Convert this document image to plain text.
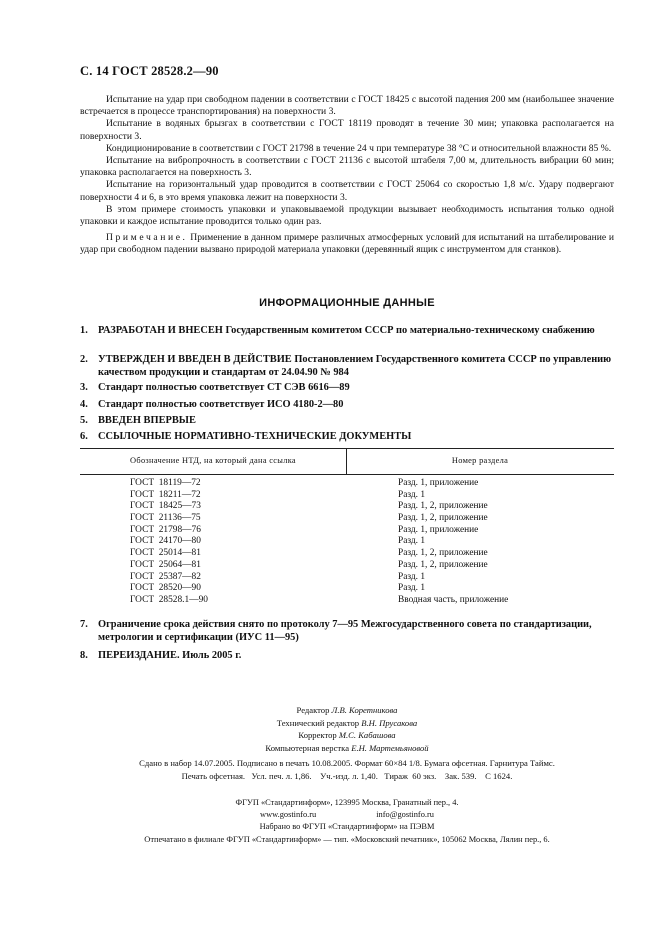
С. 14 ГОСТ 28528.2—90

Испытание на удар при свободном падении в соответствии с ГОСТ 18425 с высотой падения 200 мм (наибольшее значение встречается в процессе транспортирования) на поверхности 3.

Испытание в водяных брызгах в соответствии с ГОСТ 18119 проводят в течение 30 мин; упаковка располагается на поверхности 3.

Кондиционирование в соответствии с ГОСТ 21798 в течение 24 ч при температуре 38 °С и относительной влажности 85 %.

Испытание на вибропрочность в соответствии с ГОСТ 21136 с высотой штабеля 7,00 м, длительность вибрации 60 мин; упаковка располагается на поверхность 3.

Испытание на горизонтальный удар проводится в соответствии с ГОСТ 25064 со скоростью 1,8 м/с. Удару подвергают поверхности 4 и 6, в это время упаковка лежит на поверхности 3.

В этом примере стоимость упаковки и упаковываемой продукции вызывает необходимость испытания только одной упаковки и каждое испытание проводится только один раз.

Примечание. Применение в данном примере различных атмосферных условий для испытаний на штабелирование и удар при свободном падении вызвано природой материала упаковки (деревянный ящик с инструментом для станков).

ИНФОРМАЦИОННЫЕ ДАННЫЕ
1. РАЗРАБОТАН И ВНЕСЕН Государственным комитетом СССР по материально-техническому снабжению
2. УТВЕРЖДЕН И ВВЕДЕН В ДЕЙСТВИЕ Постановлением Государственного комитета СССР по управлению качеством продукции и стандартам от 24.04.90 № 984
3. Стандарт полностью соответствует СТ СЭВ 6616—89
4. Стандарт полностью соответствует ИСО 4180-2—80
5. ВВЕДЕН ВПЕРВЫЕ
6. ССЫЛОЧНЫЕ НОРМАТИВНО-ТЕХНИЧЕСКИЕ ДОКУМЕНТЫ
Обозначение НТД, на который дана ссылка	Номер раздела
ГОСТ  18119—72	Разд. 1, приложение
ГОСТ  18211—72	Разд. 1
ГОСТ  18425—73	Разд. 1, 2, приложение
ГОСТ  21136—75	Разд. 1, 2, приложение
ГОСТ  21798—76	Разд. 1, приложение
ГОСТ  24170—80	Разд. 1
ГОСТ  25014—81	Разд. 1, 2, приложение
ГОСТ  25064—81	Разд. 1, 2, приложение
ГОСТ  25387—82	Разд. 1
ГОСТ  28520—90	Разд. 1
ГОСТ  28528.1—90	Вводная часть, приложение
7. Ограничение срока действия снято по протоколу 7—95 Межгосударственного совета по стандартизации, метрологии и сертификации (ИУС 11—95)
8. ПЕРЕИЗДАНИЕ. Июль 2005 г.
Редактор Л.В. Коретникова
Технический редактор В.Н. Прусакова
Корректор М.С. Кабашова
Компьютерная верстка Е.Н. Мартемьяновой
Сдано в набор 14.07.2005. Подписано в печать 10.08.2005. Формат 60×84 1/8. Бумага офсетная. Гарнитура Таймс.
Печать офсетная.   Усл. печ. л. 1,86.    Уч.-изд. л. 1,40.   Тираж  60 экз.    Зак. 539.    С 1624.
ФГУП «Стандартинформ», 123995 Москва, Гранатный пер., 4.
www.gostinfo.ru	info@gostinfo.ru
Набрано во ФГУП «Стандартинформ» на ПЭВМ
Отпечатано в филиале ФГУП «Стандартинформ» — тип. «Московский печатник», 105062 Москва, Лялин пер., 6.
